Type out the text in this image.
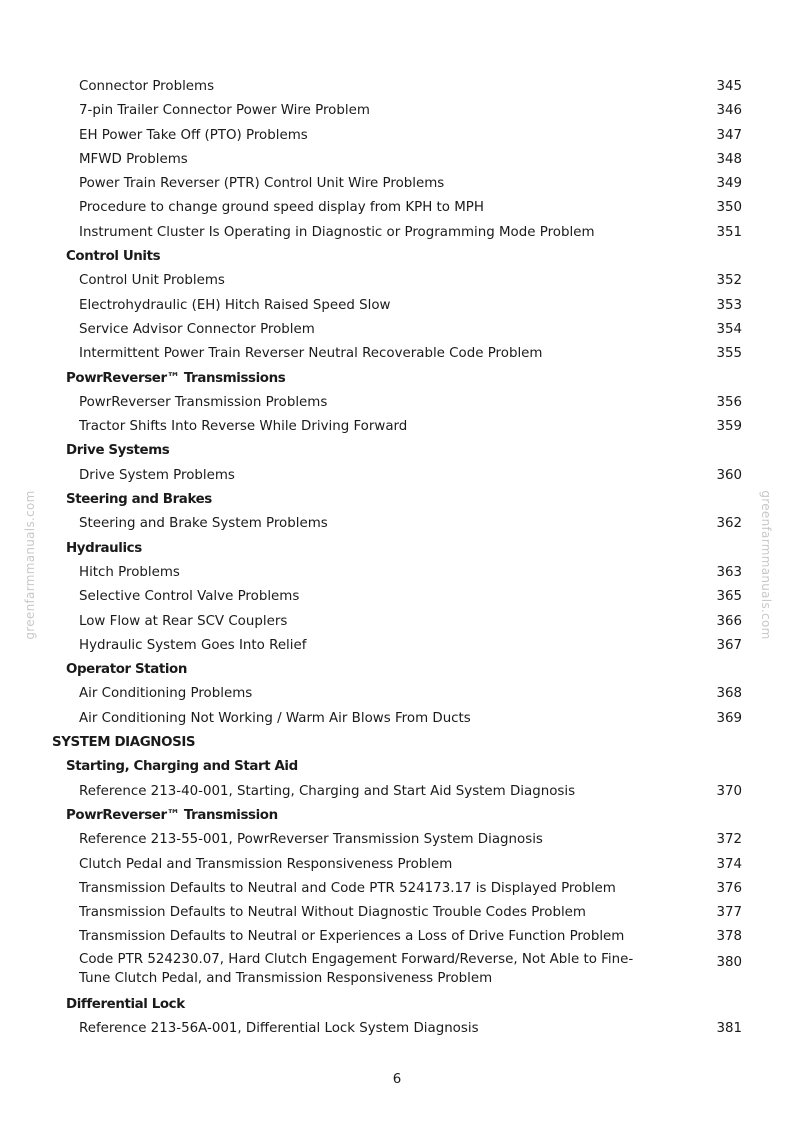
greenfarmmanuals.com	greenfarmmanuals.com
Connector Problems	345
7-pin Trailer Connector Power Wire Problem	346
EH Power Take Off (PTO) Problems	347
MFWD Problems	348
Power Train Reverser (PTR) Control Unit Wire Problems	349
Procedure to change ground speed display from KPH to MPH	350
Instrument Cluster Is Operating in Diagnostic or Programming Mode Problem	351
Control Units
Control Unit Problems	352
Electrohydraulic (EH) Hitch Raised Speed Slow	353
Service Advisor Connector Problem	354
Intermittent Power Train Reverser Neutral Recoverable Code Problem	355
PowrReverser™ Transmissions
PowrReverser Transmission Problems	356
Tractor Shifts Into Reverse While Driving Forward	359
Drive Systems
Drive System Problems	360
Steering and Brakes
Steering and Brake System Problems	362
Hydraulics
Hitch Problems	363
Selective Control Valve Problems	365
Low Flow at Rear SCV Couplers	366
Hydraulic System Goes Into Relief	367
Operator Station
Air Conditioning Problems	368
Air Conditioning Not Working / Warm Air Blows From Ducts	369
SYSTEM DIAGNOSIS
Starting, Charging and Start Aid
Reference 213-40-001, Starting, Charging and Start Aid System Diagnosis	370
PowrReverser™ Transmission
Reference 213-55-001, PowrReverser Transmission System Diagnosis	372
Clutch Pedal and Transmission Responsiveness Problem	374
Transmission Defaults to Neutral and Code PTR 524173.17 is Displayed Problem	376
Transmission Defaults to Neutral Without Diagnostic Trouble Codes Problem	377
Transmission Defaults to Neutral or Experiences a Loss of Drive Function Problem	378
Code PTR 524230.07, Hard Clutch Engagement Forward/Reverse, Not Able to Fine-Tune Clutch Pedal, and Transmission Responsiveness Problem
380
Differential Lock
Reference 213-56A-001, Differential Lock System Diagnosis	381
6
